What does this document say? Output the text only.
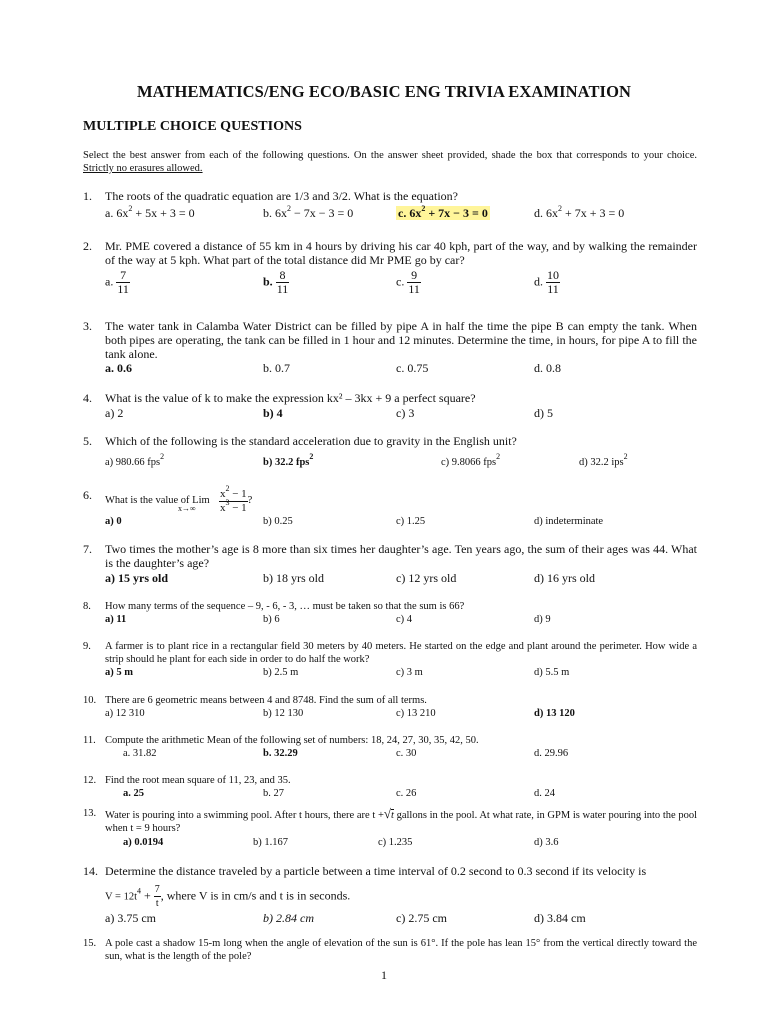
MATHEMATICS/ENG ECO/BASIC ENG TRIVIA EXAMINATION
MULTIPLE CHOICE QUESTIONS
Select the best answer from each of the following questions. On the answer sheet provided, shade the box that corresponds to your choice. Strictly no erasures allowed.
1. The roots of the quadratic equation are 1/3 and 3/2. What is the equation?
a. $6x^2 + 5x + 3 = 0$	b. $6x^2 - 7x - 3 = 0$	c. $6x^2 + 7x - 3 = 0$	d. $6x^2 + 7x + 3 = 0$
2. Mr. PME covered a distance of 55 km in 4 hours by driving his car 40 kph, part of the way, and by walking the remainder of the way at 5 kph. What part of the total distance did Mr PME go by car?
a. $\frac{7}{11}$	b. $\frac{8}{11}$	c. $\frac{9}{11}$	d. $\frac{10}{11}$
3. The water tank in Calamba Water District can be filled by pipe A in half the time the pipe B can empty the tank. When both pipes are operating, the tank can be filled in 1 hour and 12 minutes. Determine the time, in hours, for pipe A to fill the tank alone.
a. 0.6	b. 0.7	c. 0.75	d. 0.8
4. What is the value of k to make the expression kx² – 3kx + 9 a perfect square?
a) 2	b) 4	c) 3	d) 5
5. Which of the following is the standard acceleration due to gravity in the English unit?
a) 980.66 fps$^2$
b) 32.2 fps$^2$
c) 9.8066 fps$^2$
d) 32.2 ips$^2$
6. What is the value of Lim $\frac{x^2 - 1}{x^3 - 1}$ ?
x→∞
a) 0	b) 0.25	c) 1.25	d) indeterminate
7. Two times the mother’s age is 8 more than six times her daughter’s age. Ten years ago, the sum of their ages was 44. What is the daughter’s age?
a) 15 yrs old	b) 18 yrs old	c) 12 yrs old	d) 16 yrs old
8. How many terms of the sequence – 9, - 6, - 3, … must be taken so that the sum is 66?
a) 11	b) 6	c) 4	d) 9
9. A farmer is to plant rice in a rectangular field 30 meters by 40 meters. He started on the edge and plant around the perimeter. How wide a strip should he plant for each side in order to do half the work?
a) 5 m	b) 2.5 m	c) 3 m	d) 5.5 m
10. There are 6 geometric means between 4 and 8748. Find the sum of all terms.
a) 12 310	b) 12 130	c) 13 210	d) 13 120
11. Compute the arithmetic Mean of the following set of numbers: 18, 24, 27, 30, 35, 42, 50.
a. 31.82	b. 32.29	c. 30	d. 29.96
12. Find the root mean square of 11, 23, and 35.
a. 25	b. 27	c. 26	d. 24
13. Water is pouring into a swimming pool. After t hours, there are t +√t gallons in the pool. At what rate, in GPM is water pouring into the pool when t = 9 hours?
a) 0.0194	b) 1.167	c) 1.235	d) 3.6
14. Determine the distance traveled by a particle between a time interval of 0.2 second to 0.3 second if its velocity is
$V = 12t^4 + \frac{7}{t}$ , where V is in cm/s and t is in seconds.
a) 3.75 cm	b) 2.84 cm	c) 2.75 cm	d) 3.84 cm
15. A pole cast a shadow 15-m long when the angle of elevation of the sun is 61°. If the pole has lean 15° from the vertical directly toward the sun, what is the length of the pole?
1
